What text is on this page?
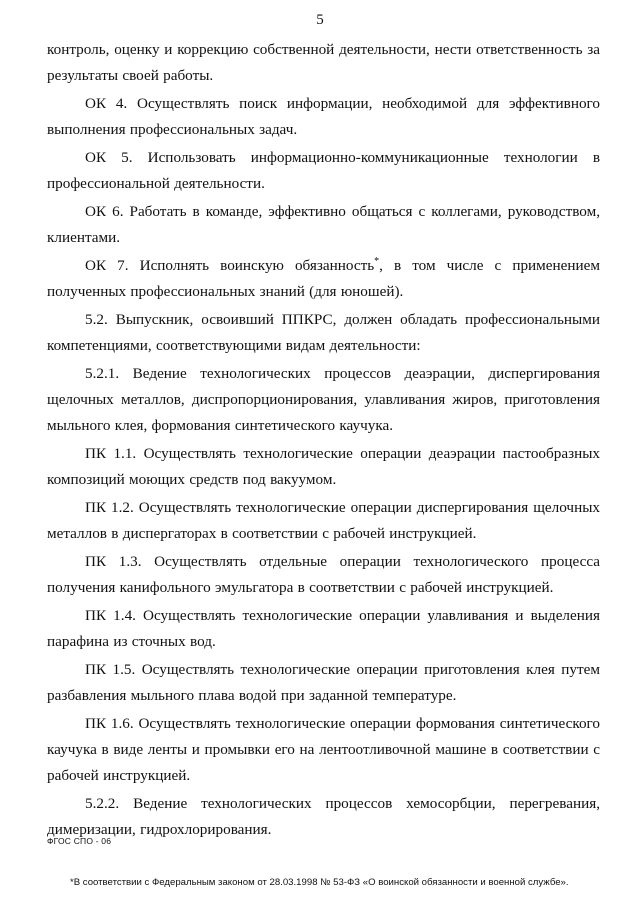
5

контроль, оценку и коррекцию собственной деятельности, нести ответственность за результаты своей работы.

ОК 4. Осуществлять поиск информации, необходимой для эффективного выполнения профессиональных задач.

ОК 5. Использовать информационно-коммуникационные технологии в профессиональной деятельности.

ОК 6. Работать в команде, эффективно общаться с коллегами, руководством, клиентами.

ОК 7. Исполнять воинскую обязанность*, в том числе с применением полученных профессиональных знаний (для юношей).

5.2. Выпускник, освоивший ППКРС, должен обладать профессиональными компетенциями, соответствующими видам деятельности:

5.2.1. Ведение технологических процессов деаэрации, диспергирования щелочных металлов, диспропорционирования, улавливания жиров, приготовления мыльного клея, формования синтетического каучука.

ПК 1.1. Осуществлять технологические операции деаэрации пастообразных композиций моющих средств под вакуумом.

ПК 1.2. Осуществлять технологические операции диспергирования щелочных металлов в диспергаторах в соответствии с рабочей инструкцией.

ПК 1.3. Осуществлять отдельные операции технологического процесса получения канифольного эмульгатора в соответствии с рабочей инструкцией.

ПК 1.4. Осуществлять технологические операции улавливания и выделения парафина из сточных вод.

ПК 1.5. Осуществлять технологические операции приготовления клея путем разбавления мыльного плава водой при заданной температуре.

ПК 1.6. Осуществлять технологические операции формования синтетического каучука в виде ленты и промывки его на лентоотливочной машине в соответствии с рабочей инструкцией.

5.2.2. Ведение технологических процессов хемосорбции, перегревания, димеризации, гидрохлорирования.

ФГОС СПО - 06
*В соответствии с Федеральным законом от 28.03.1998 № 53-ФЗ «О воинской обязанности и военной службе».
